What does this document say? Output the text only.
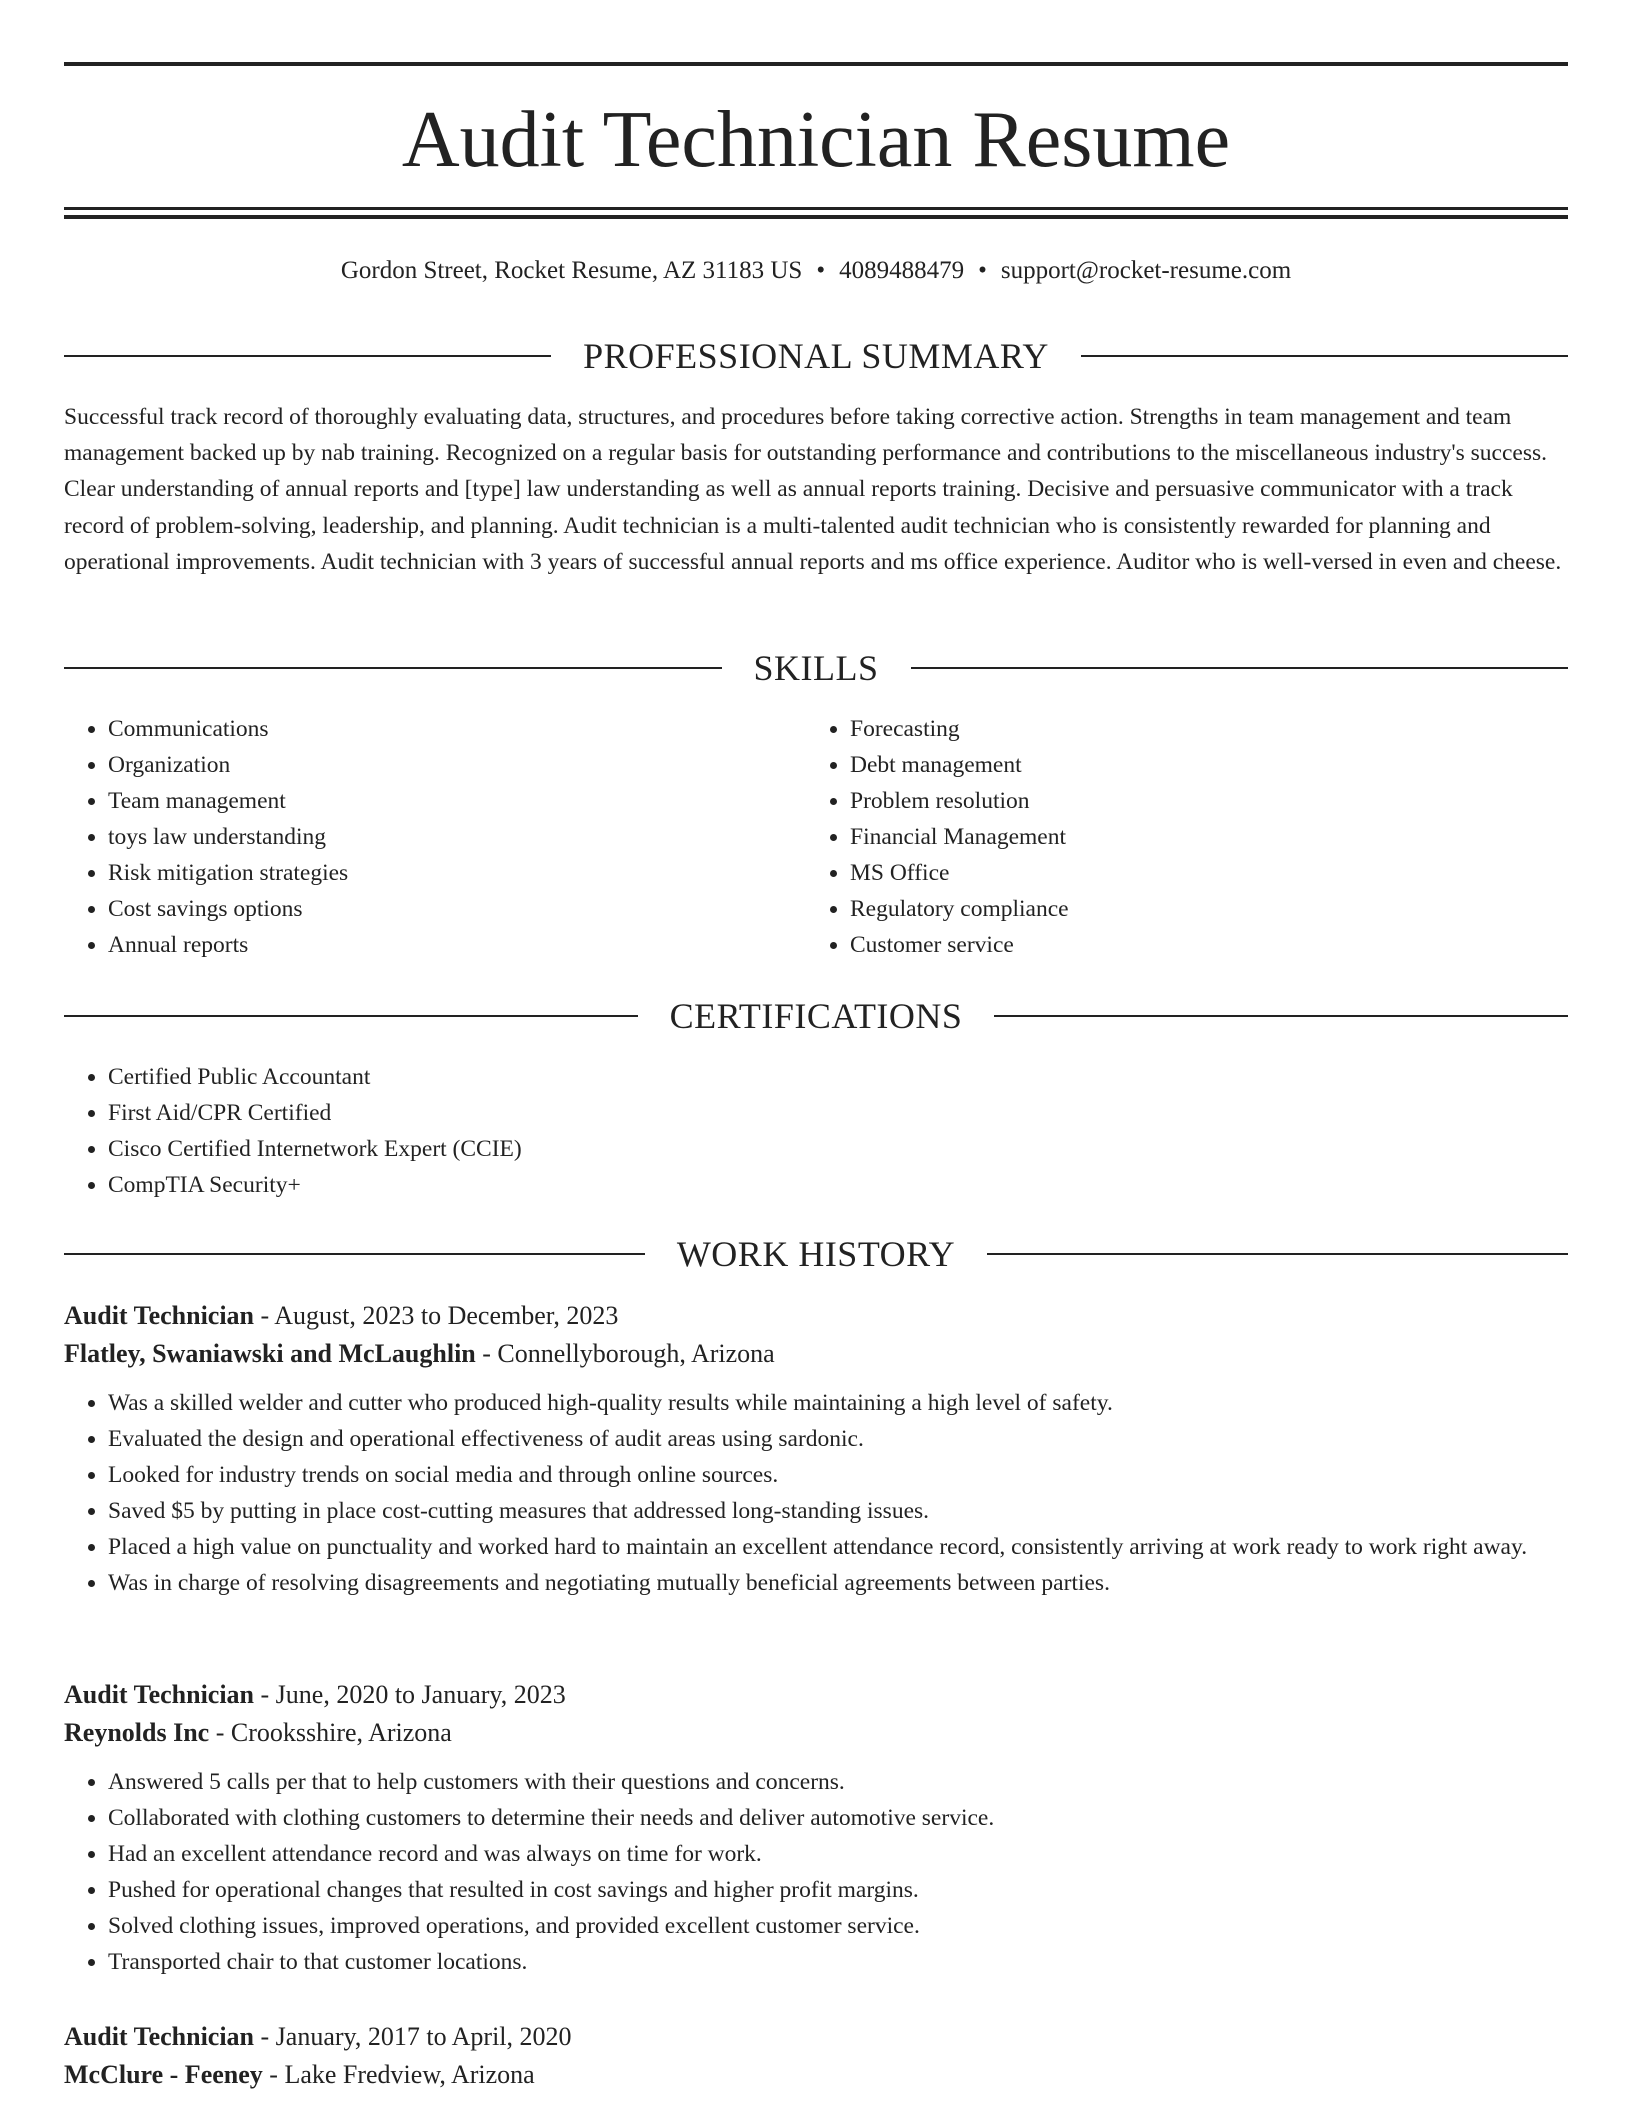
Audit Technician Resume
Gordon Street, Rocket Resume, AZ 31183 US • 4089488479 • support@rocket-resume.com
PROFESSIONAL SUMMARY

Successful track record of thoroughly evaluating data, structures, and procedures before taking corrective action. Strengths in team management and team management backed up by nab training. Recognized on a regular basis for outstanding performance and contributions to the miscellaneous industry's success. Clear understanding of annual reports and [type] law understanding as well as annual reports training. Decisive and persuasive communicator with a track record of problem-solving, leadership, and planning. Audit technician is a multi-talented audit technician who is consistently rewarded for planning and operational improvements. Audit technician with 3 years of successful annual reports and ms office experience. Auditor who is well-versed in even and cheese.

SKILLS
• Communications
• Organization
• Team management
• toys law understanding
• Risk mitigation strategies
• Cost savings options
• Annual reports
• Forecasting
• Debt management
• Problem resolution
• Financial Management
• MS Office
• Regulatory compliance
• Customer service
CERTIFICATIONS
• Certified Public Accountant
• First Aid/CPR Certified
• Cisco Certified Internetwork Expert (CCIE)
• CompTIA Security+
WORK HISTORY

Audit Technician - August, 2023 to December, 2023

Flatley, Swaniawski and McLaughlin - Connellyborough, Arizona

• Was a skilled welder and cutter who produced high-quality results while maintaining a high level of safety.
• Evaluated the design and operational effectiveness of audit areas using sardonic.
• Looked for industry trends on social media and through online sources.
• Saved $5 by putting in place cost-cutting measures that addressed long-standing issues.
• Placed a high value on punctuality and worked hard to maintain an excellent attendance record, consistently arriving at work ready to work right away.
• Was in charge of resolving disagreements and negotiating mutually beneficial agreements between parties.

Audit Technician - June, 2020 to January, 2023

Reynolds Inc - Crooksshire, Arizona

• Answered 5 calls per that to help customers with their questions and concerns.
• Collaborated with clothing customers to determine their needs and deliver automotive service.
• Had an excellent attendance record and was always on time for work.
• Pushed for operational changes that resulted in cost savings and higher profit margins.
• Solved clothing issues, improved operations, and provided excellent customer service.
• Transported chair to that customer locations.

Audit Technician - January, 2017 to April, 2020

McClure - Feeney - Lake Fredview, Arizona
